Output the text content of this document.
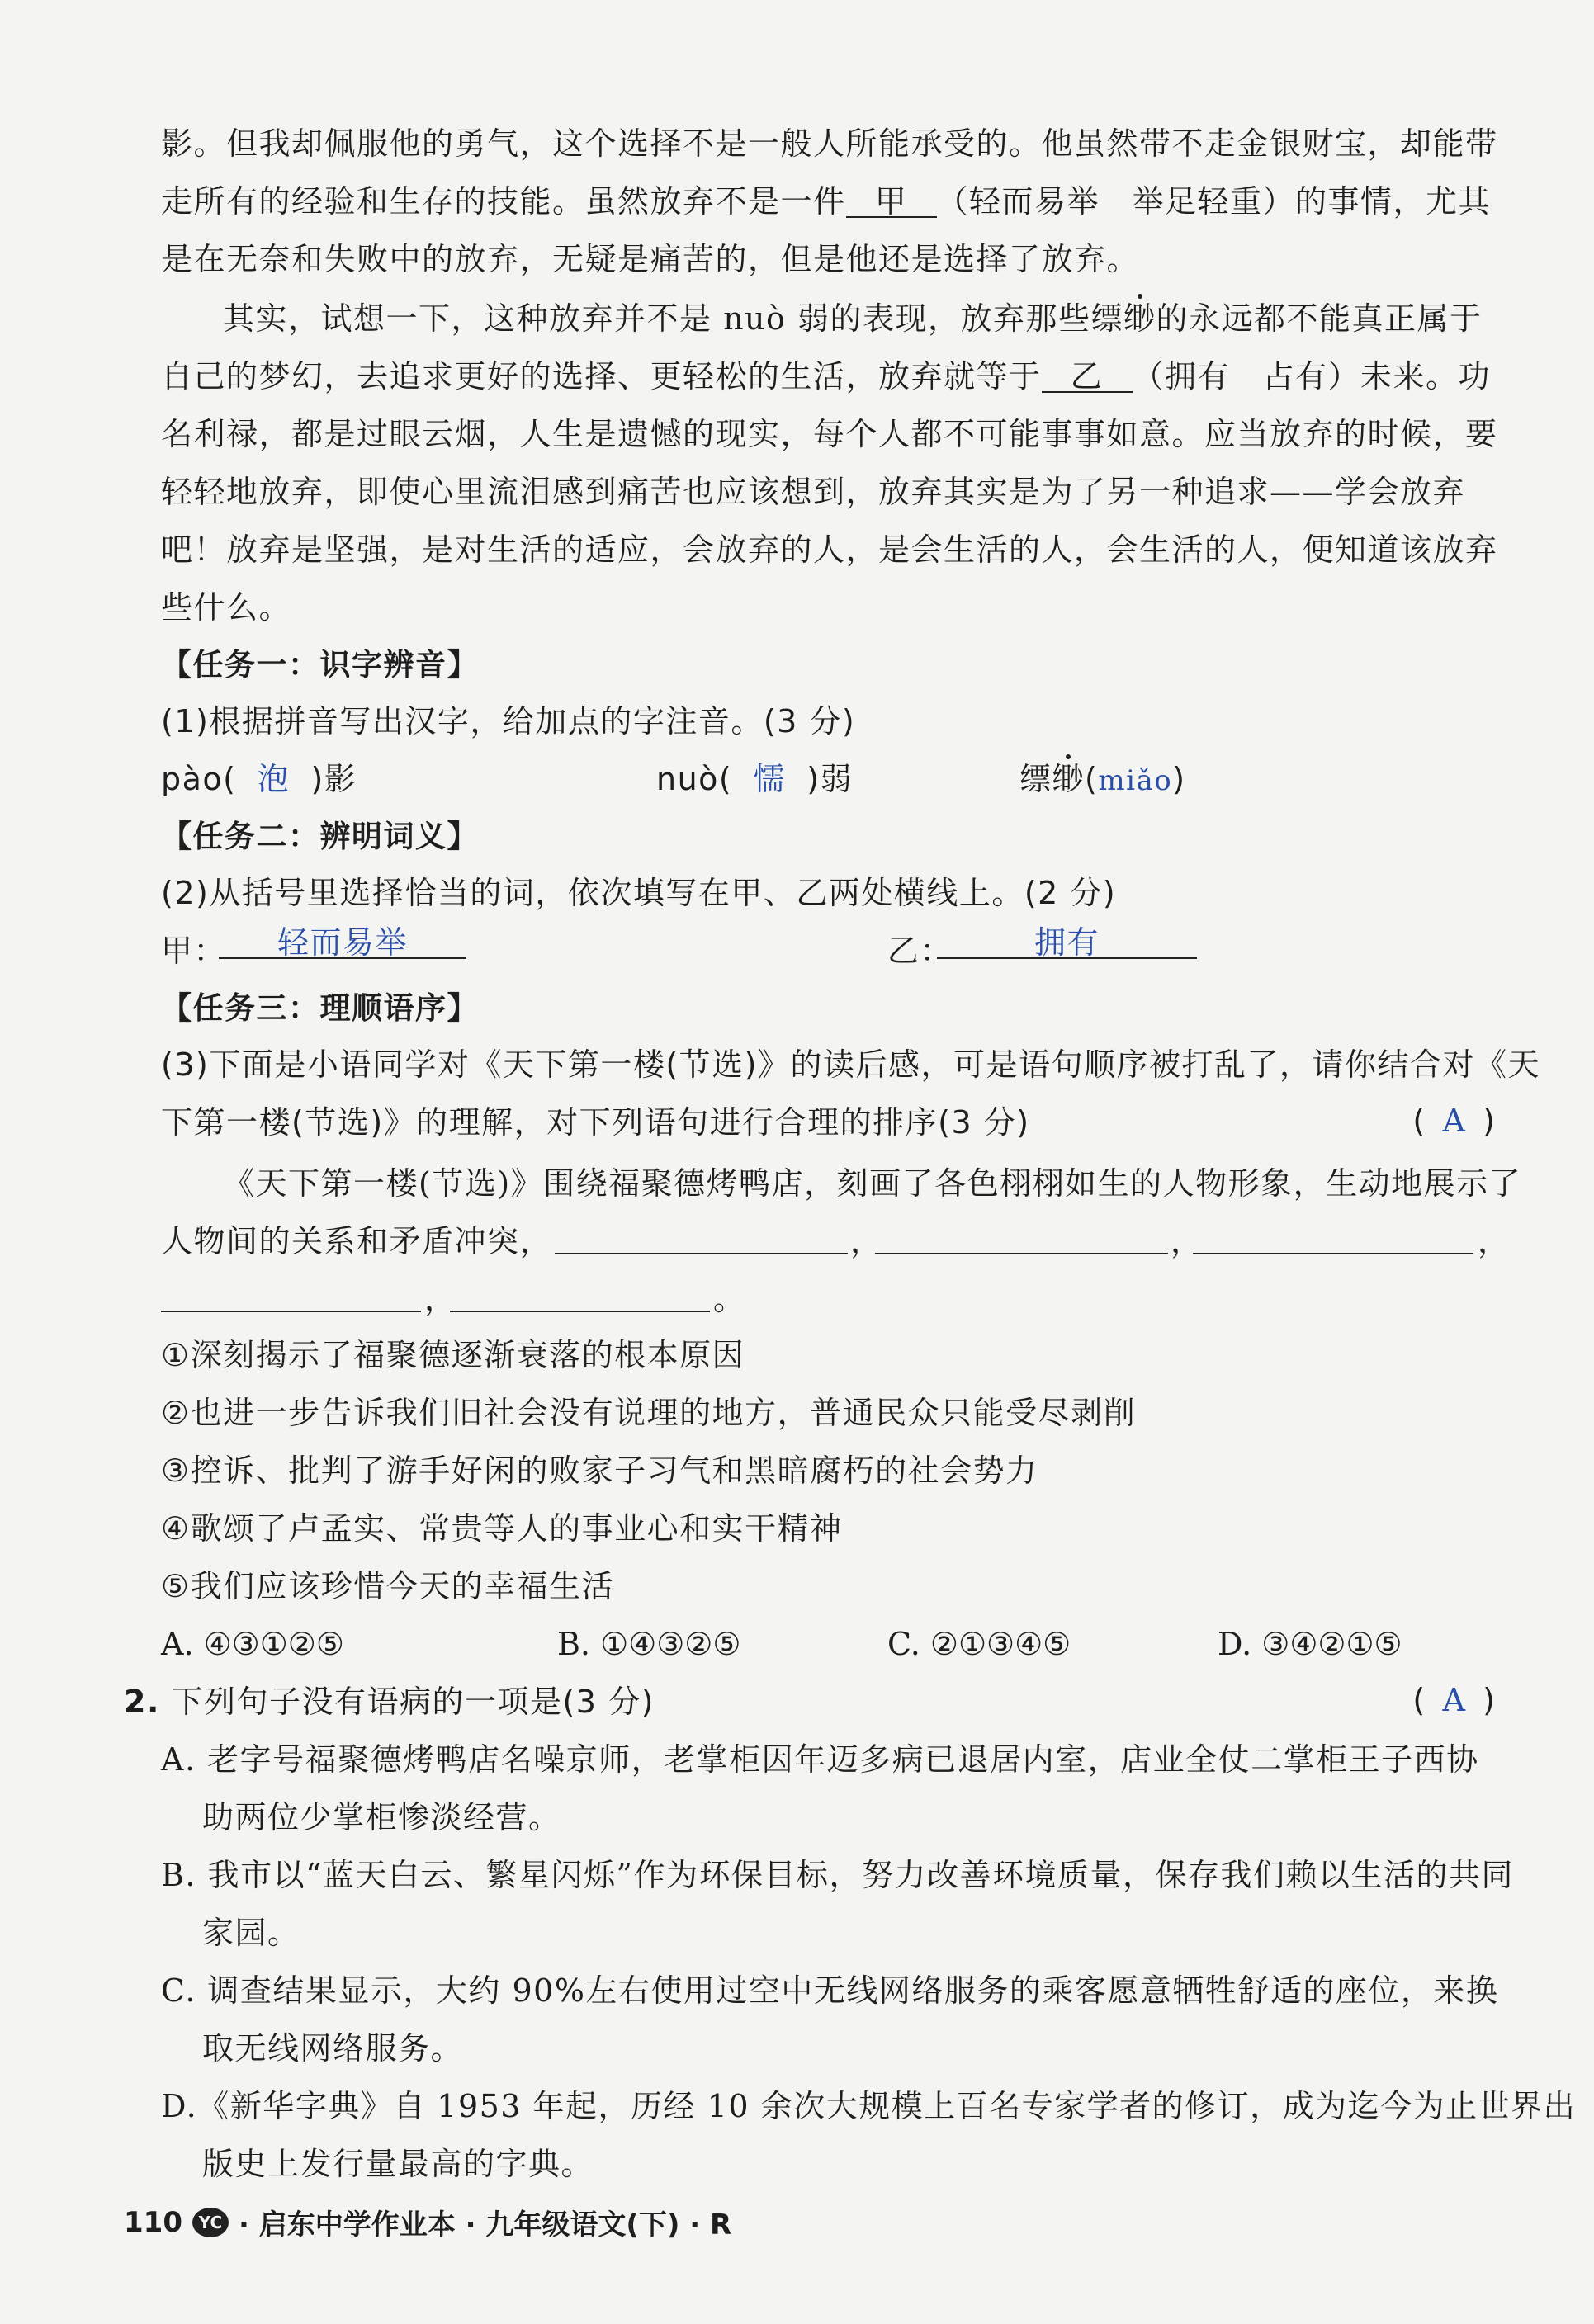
影。但我却佩服他的勇气，这个选择不是一般人所能承受的。他虽然带不走金银财宝，却能带
走所有的经验和生存的技能。虽然放弃不是一件 甲 （轻而易举　举足轻重）的事情，尤其
是在无奈和失败中的放弃，无疑是痛苦的，但是他还是选择了放弃。
其实，试想一下，这种放弃并不是 nuò 弱的表现，放弃那些缥缈的永远都不能真正属于
自己的梦幻，去追求更好的选择、更轻松的生活，放弃就等于 乙 （拥有　占有）未来。功
名利禄，都是过眼云烟，人生是遗憾的现实，每个人都不可能事事如意。应当放弃的时候，要
轻轻地放弃，即使心里流泪感到痛苦也应该想到，放弃其实是为了另一种追求——学会放弃
吧！放弃是坚强，是对生活的适应，会放弃的人，是会生活的人，会生活的人，便知道该放弃
些什么。
【任务一：识字辨音】
(1)根据拼音写出汉字，给加点的字注音。(3 分)
pào( 泡 )影	nuò( 懦 )弱	缥缈(miǎo)
【任务二：辨明词义】
(2)从括号里选择恰当的词，依次填写在甲、乙两处横线上。(2 分)
甲：	轻而易举	乙：	拥有
【任务三：理顺语序】
(3)下面是小语同学对《天下第一楼(节选)》的读后感，可是语句顺序被打乱了，请你结合对《天
下第一楼(节选)》的理解，对下列语句进行合理的排序(3 分)	( A )
《天下第一楼(节选)》围绕福聚德烤鸭店，刻画了各色栩栩如生的人物形象，生动地展示了
人物间的关系和矛盾冲突，	，	，	，
，	。
①深刻揭示了福聚德逐渐衰落的根本原因
②也进一步告诉我们旧社会没有说理的地方，普通民众只能受尽剥削
③控诉、批判了游手好闲的败家子习气和黑暗腐朽的社会势力
④歌颂了卢孟实、常贵等人的事业心和实干精神
⑤我们应该珍惜今天的幸福生活
A. ④③①②⑤	B. ①④③②⑤	C. ②①③④⑤	D. ③④②①⑤
2. 下列句子没有语病的一项是(3 分)	( A )
A. 老字号福聚德烤鸭店名噪京师，老掌柜因年迈多病已退居内室，店业全仗二掌柜王子西协
助两位少掌柜惨淡经营。
B. 我市以“蓝天白云、繁星闪烁”作为环保目标，努力改善环境质量，保存我们赖以生活的共同
家园。
C. 调查结果显示，大约 90%左右使用过空中无线网络服务的乘客愿意牺牲舒适的座位，来换
取无线网络服务。
D.《新华字典》自 1953 年起，历经 10 余次大规模上百名专家学者的修订，成为迄今为止世界出
版史上发行量最高的字典。
110 YC · 启东中学作业本 · 九年级语文(下) · R
